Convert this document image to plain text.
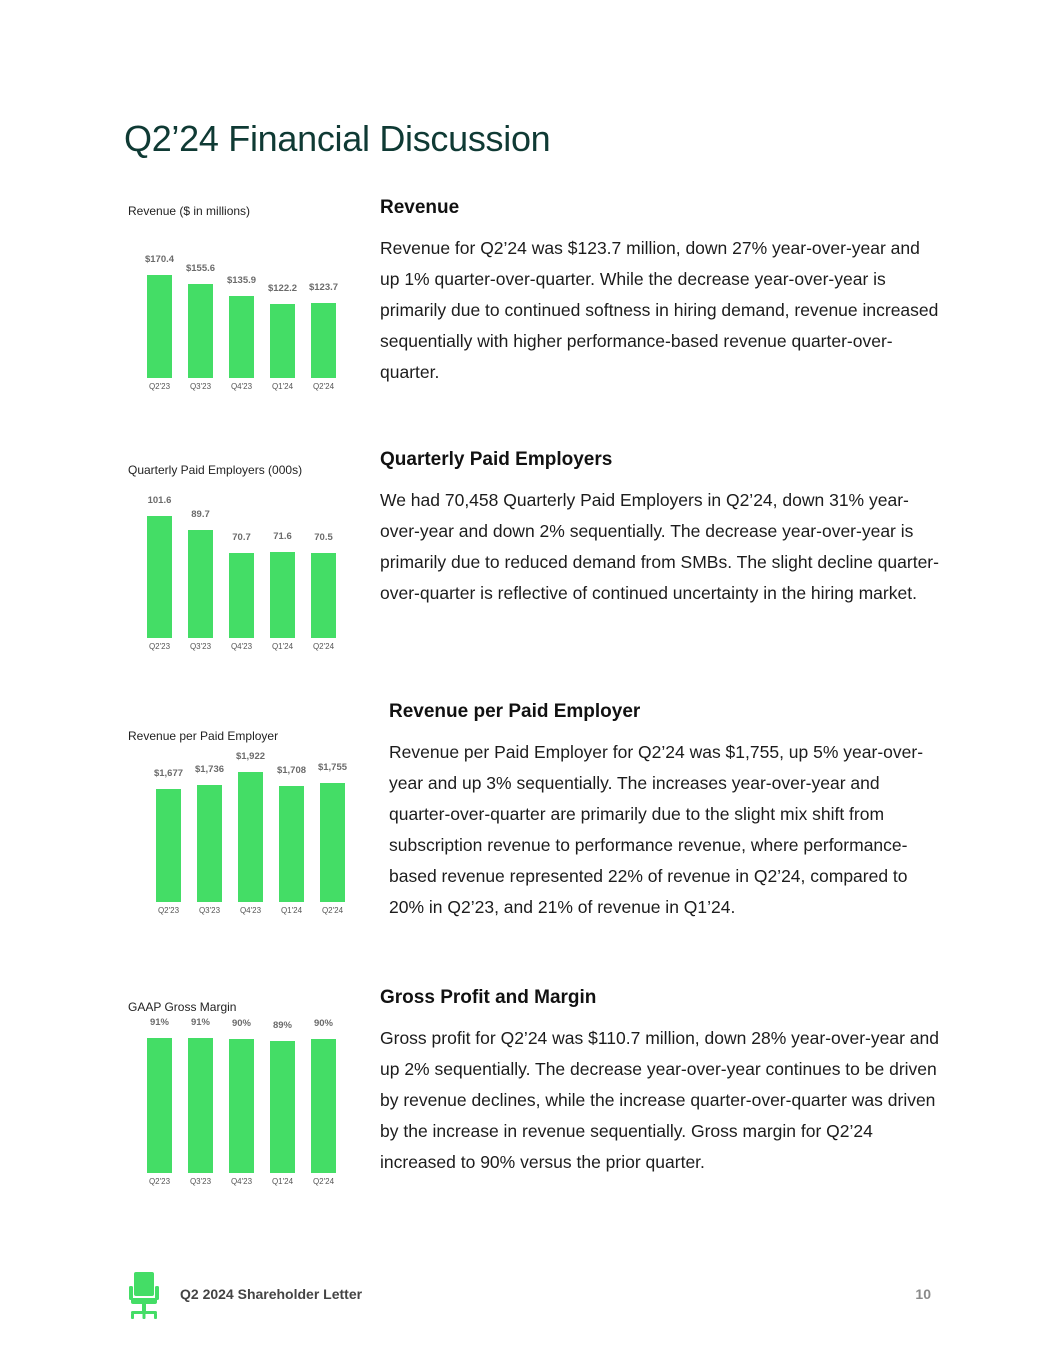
Q2’24 Financial Discussion
Revenue ($ in millions)
$170.4
Q2'23
$155.6
Q3'23
$135.9
Q4'23
$122.2
Q1'24
$123.7
Q2'24
Quarterly Paid Employers (000s)
101.6
Q2'23
89.7
Q3'23
70.7
Q4'23
71.6
Q1'24
70.5
Q2'24
Revenue per Paid Employer
$1,677
Q2'23
$1,736
Q3'23
$1,922
Q4'23
$1,708
Q1'24
$1,755
Q2'24
GAAP Gross Margin
91%
Q2'23
91%
Q3'23
90%
Q4'23
89%
Q1'24
90%
Q2'24
Revenue

Revenue for Q2’24 was $123.7 million, down 27% year-over-year and up 1% quarter-over-quarter. While the decrease year-over-year is primarily due to continued softness in hiring demand, revenue increased sequentially with higher performance-based revenue quarter-over-quarter.

Quarterly Paid Employers

We had 70,458 Quarterly Paid Employers in Q2’24, down 31% year-over-year and down 2% sequentially. The decrease year-over-year is primarily due to reduced demand from SMBs. The slight decline quarter-over-quarter is reflective of continued uncertainty in the hiring market.

Revenue per Paid Employer

Revenue per Paid Employer for Q2’24 was $1,755, up 5% year-over-year and up 3% sequentially. The increases year-over-year and quarter-over-quarter are primarily due to the slight mix shift from subscription revenue to performance revenue, where performance-based revenue represented 22% of revenue in Q2’24, compared to 20% in Q2’23, and 21% of revenue in Q1’24.

Gross Profit and Margin

Gross profit for Q2’24 was $110.7 million, down 28% year-over-year and up 2% sequentially. The decrease year-over-year continues to be driven by revenue declines, while the increase quarter-over-quarter was driven by the increase in revenue sequentially. Gross margin for Q2’24 increased to 90% versus the prior quarter.

Q2 2024 Shareholder Letter	10
